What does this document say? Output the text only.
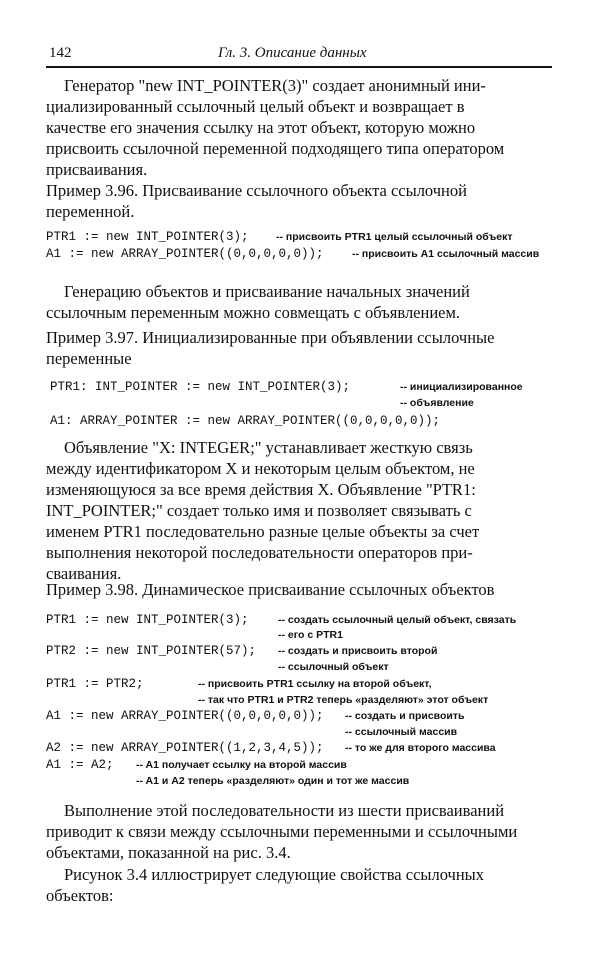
142	Гл. 3. Описание данных
Генератор "new INT_POINTER(3)" создает анонимный ини-
циализированный ссылочный целый объект и возвращает в
качестве его значения ссылку на этот объект, которую можно
присвоить ссылочной переменной подходящего типа оператором
присваивания.
Пример 3.96. Присваивание ссылочного объекта ссылочной
переменной.
PTR1 := new INT_POINTER(3);	-- присвоить PTR1 целый ссылочный объект
A1 := new ARRAY_POINTER((0,0,0,0,0));	-- присвоить A1 ссылочный массив
Генерацию объектов и присваивание начальных значений
ссылочным переменным можно совмещать с объявлением.
Пример 3.97. Инициализированные при объявлении ссылочные
переменные
PTR1: INT_POINTER := new INT_POINTER(3);	-- инициализированное
-- объявление
A1: ARRAY_POINTER := new ARRAY_POINTER((0,0,0,0,0));
Объявление "X: INTEGER;" устанавливает жесткую связь
между идентификатором X и некоторым целым объектом, не
изменяющуюся за все время действия X. Объявление "PTR1:
INT_POINTER;" создает только имя и позволяет связывать с
именем PTR1 последовательно разные целые объекты за счет
выполнения некоторой последовательности операторов при-
сваивания.
Пример 3.98. Динамическое присваивание ссылочных объектов
PTR1 := new INT_POINTER(3);	-- создать ссылочный целый объект, связать
-- его с PTR1
PTR2 := new INT_POINTER(57); -- создать и присвоить второй
-- ссылочный объект
PTR1 := PTR2;	-- присвоить PTR1 ссылку на второй объект,
-- так что PTR1 и PTR2 теперь «разделяют» этот объект
A1 := new ARRAY_POINTER((0,0,0,0,0)); -- создать и присвоить
-- ссылочный массив
A2 := new ARRAY_POINTER((1,2,3,4,5)); -- то же для второго массива
A1 := A2; -- A1 получает ссылку на второй массив
-- A1 и A2 теперь «разделяют» один и тот же массив
Выполнение этой последовательности из шести присваиваний
приводит к связи между ссылочными переменными и ссылочными
объектами, показанной на рис. 3.4.
Рисунок 3.4 иллюстрирует следующие свойства ссылочных
объектов:
